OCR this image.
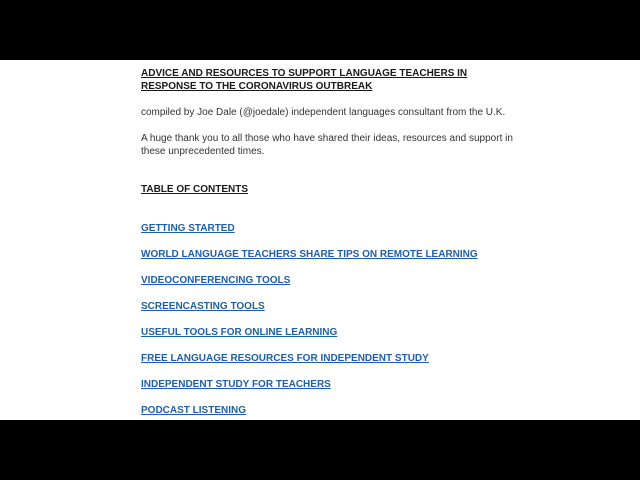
ADVICE AND RESOURCES TO SUPPORT LANGUAGE TEACHERS IN

RESPONSE TO THE CORONAVIRUS OUTBREAK

compiled by Joe Dale (@joedale) independent languages consultant from the U.K.

A huge thank you to all those who have shared their ideas, resources and support in

these unprecedented times.

TABLE OF CONTENTS

GETTING STARTED
WORLD LANGUAGE TEACHERS SHARE TIPS ON REMOTE LEARNING
VIDEOCONFERENCING TOOLS
SCREENCASTING TOOLS
USEFUL TOOLS FOR ONLINE LEARNING
FREE LANGUAGE RESOURCES FOR INDEPENDENT STUDY
INDEPENDENT STUDY FOR TEACHERS
PODCAST LISTENING
